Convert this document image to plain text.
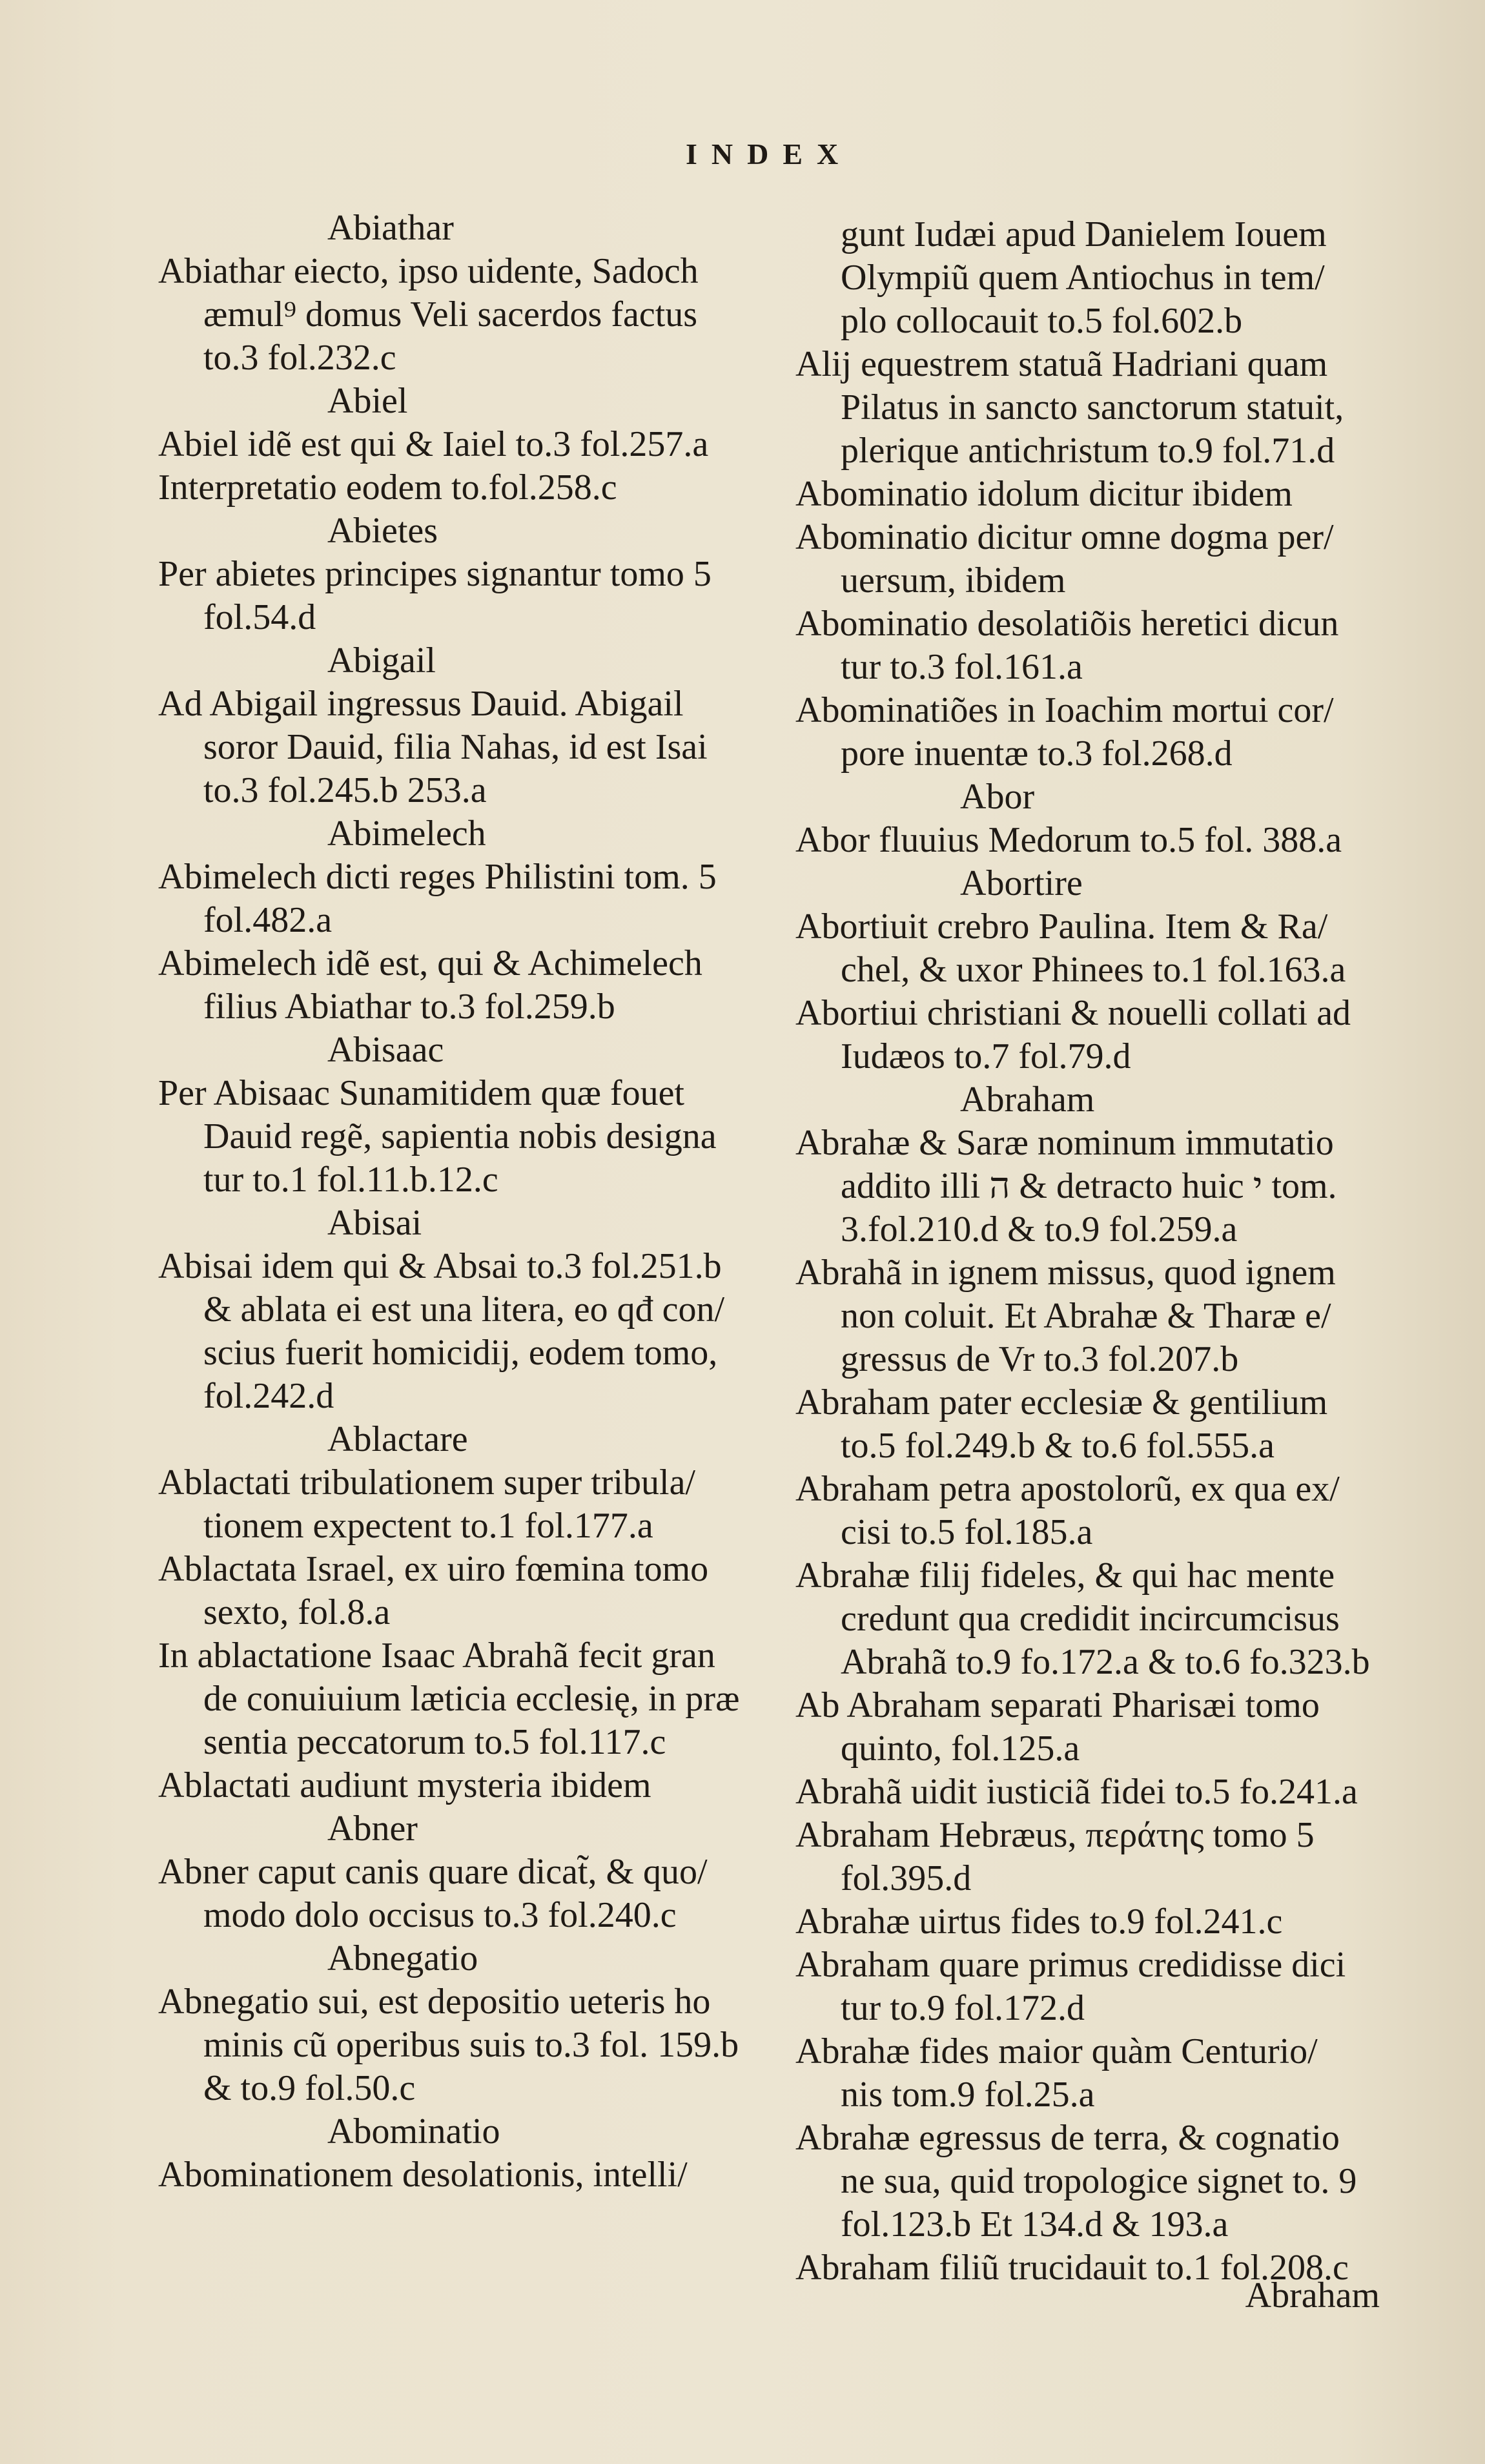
INDEX
Abiathar
Abiathar eiecto, ipso uidente, Sadoch
æmul⁹ domus Veli sacerdos factus
to.3 fol.232.c
Abiel
Abiel idẽ est qui & Iaiel to.3 fol.257.a
Interpretatio eodem to.fol.258.c
Abietes
Per abietes principes signantur tomo 5
fol.54.d
Abigail
Ad Abigail ingressus Dauid. Abigail
soror Dauid, filia Nahas, id est Isai
to.3 fol.245.b 253.a
Abimelech
Abimelech dicti reges Philistini tom. 5
fol.482.a
Abimelech idẽ est, qui & Achimelech
filius Abiathar to.3 fol.259.b
Abisaac
Per Abisaac Sunamitidem quæ fouet
Dauid regẽ, sapientia nobis designa
tur to.1 fol.11.b.12.c
Abisai
Abisai idem qui & Absai to.3 fol.251.b
& ablata ei est una litera, eo qđ con/
scius fuerit homicidij, eodem tomo,
fol.242.d
Ablactare
Ablactati tribulationem super tribula/
tionem expectent to.1 fol.177.a
Ablactata Israel, ex uiro fœmina tomo
sexto, fol.8.a
In ablactatione Isaac Abrahã fecit gran
de conuiuium læticia ecclesię, in præ
sentia peccatorum to.5 fol.117.c
Ablactati audiunt mysteria ibidem
Abner
Abner caput canis quare dicat̃, & quo/
modo dolo occisus to.3 fol.240.c
Abnegatio
Abnegatio sui, est depositio ueteris ho
minis cũ operibus suis to.3 fol. 159.b
& to.9 fol.50.c
Abominatio
Abominationem desolationis, intelli/
gunt Iudæi apud Danielem Iouem
Olympiũ quem Antiochus in tem/
plo collocauit to.5 fol.602.b
Alij equestrem statuã Hadriani quam
Pilatus in sancto sanctorum statuit,
plerique antichristum to.9 fol.71.d
Abominatio idolum dicitur ibidem
Abominatio dicitur omne dogma per/
uersum, ibidem
Abominatio desolatiõis heretici dicun
tur to.3 fol.161.a
Abominatiões in Ioachim mortui cor/
pore inuentæ to.3 fol.268.d
Abor
Abor fluuius Medorum to.5 fol. 388.a
Abortire
Abortiuit crebro Paulina. Item & Ra/
chel, & uxor Phinees to.1 fol.163.a
Abortiui christiani & nouelli collati ad
Iudæos to.7 fol.79.d
Abraham
Abrahæ & Saræ nominum immutatio
addito illi ה & detracto huic י tom.
3.fol.210.d & to.9 fol.259.a
Abrahã in ignem missus, quod ignem
non coluit. Et Abrahæ & Tharæ e/
gressus de Vr to.3 fol.207.b
Abraham pater ecclesiæ & gentilium
to.5 fol.249.b & to.6 fol.555.a
Abraham petra apostolorũ, ex qua ex/
cisi to.5 fol.185.a
Abrahæ filij fideles, & qui hac mente
credunt qua credidit incircumcisus
Abrahã to.9 fo.172.a & to.6 fo.323.b
Ab Abraham separati Pharisæi tomo
quinto, fol.125.a
Abrahã uidit iusticiã fidei to.5 fo.241.a
Abraham Hebræus, περάτης tomo 5
fol.395.d
Abrahæ uirtus fides to.9 fol.241.c
Abraham quare primus credidisse dici
tur to.9 fol.172.d
Abrahæ fides maior quàm Centurio/
nis tom.9 fol.25.a
Abrahæ egressus de terra, & cognatio
ne sua, quid tropologice signet to. 9
fol.123.b Et 134.d & 193.a
Abraham filiũ trucidauit to.1 fol.208.c
Abraham
